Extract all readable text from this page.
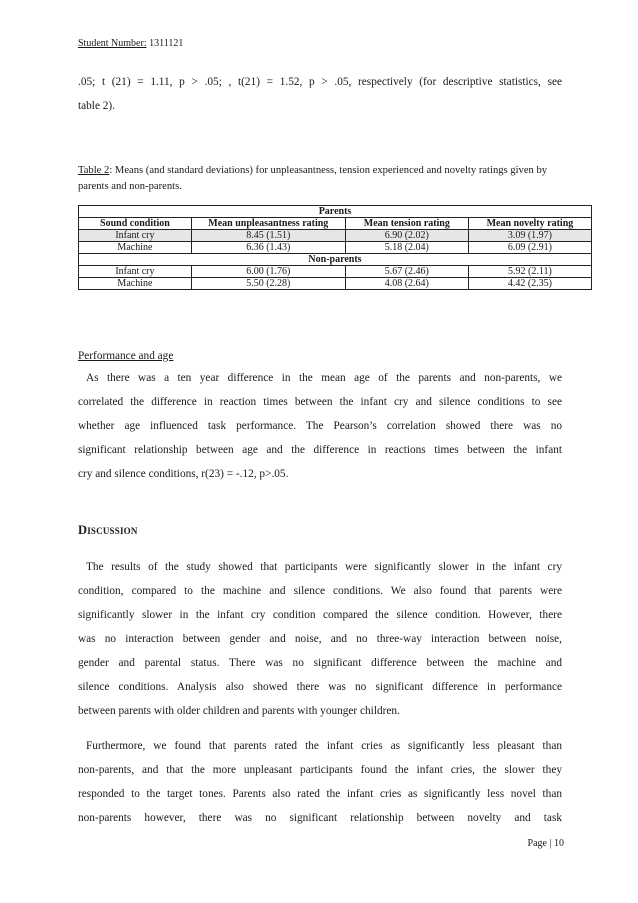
Student Number: 1311121
.05; t (21) = 1.11, p > .05; , t(21) = 1.52, p > .05, respectively (for descriptive statistics, see
table 2).

Table 2: Means (and standard deviations) for unpleasantness, tension experienced and novelty ratings given by parents and non-parents.

Parents			
Sound condition	Mean unpleasantness rating	Mean tension rating	Mean novelty rating
Infant cry	8.45 (1.51)	6.90 (2.02)	3.09 (1.97)
Machine	6.36 (1.43)	5.18 (2.04)	6.09 (2.91)
Non-parents			
Infant cry	6.00 (1.76)	5.67 (2.46)	5.92 (2.11)
Machine	5.50 (2.28)	4.08 (2.64)	4.42 (2.35)
Performance and age
As there was a ten year difference in the mean age of the parents and non-parents, we
correlated the difference in reaction times between the infant cry and silence conditions to see
whether age influenced task performance. The Pearson’s correlation showed there was no
significant relationship between age and the difference in reactions times between the infant
cry and silence conditions, r(23) = -.12, p>.05.
Discussion
The results of the study showed that participants were significantly slower in the infant cry
condition, compared to the machine and silence conditions. We also found that parents were
significantly slower in the infant cry condition compared the silence condition. However, there
was no interaction between gender and noise, and no three-way interaction between noise,
gender and parental status. There was no significant difference between the machine and
silence conditions. Analysis also showed there was no significant difference in performance
between parents with older children and parents with younger children.
Furthermore, we found that parents rated the infant cries as significantly less pleasant than
non-parents, and that the more unpleasant participants found the infant cries, the slower they
responded to the target tones. Parents also rated the infant cries as significantly less novel than
non-parents however, there was no significant relationship between novelty and task
Page | 10
